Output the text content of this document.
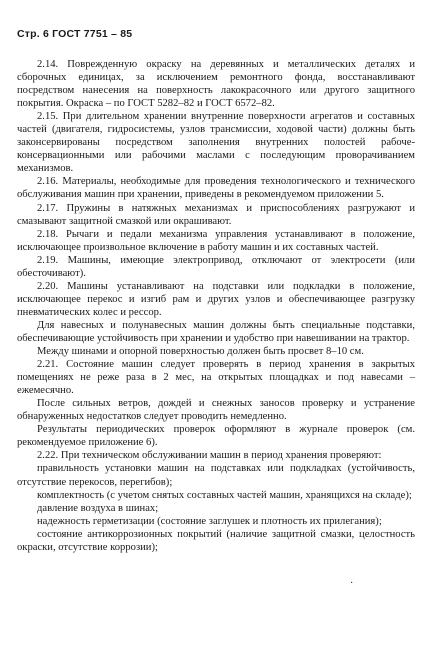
Стр. 6 ГОСТ 7751 – 85

2.14. Поврежденную окраску на деревянных и металлических деталях и сборочных единицах, за исключением ремонтного фонда, восстанавливают посредством нанесения на поверхность лакокрасочного или другого защитного покрытия. Окраска – по ГОСТ 5282–82 и ГОСТ 6572–82.

2.15. При длительном хранении внутренние поверхности агрегатов и составных частей (двигателя, гидросистемы, узлов трансмиссии, ходовой части) должны быть законсервированы посредством заполнения внутренних полостей рабоче-консервационными или рабочими маслами с последующим проворачиванием механизмов.

2.16. Материалы, необходимые для проведения технологического и технического обслуживания машин при хранении, приведены в рекомендуемом приложении 5.

2.17. Пружины в натяжных механизмах и приспособлениях разгружают и смазывают защитной смазкой или окрашивают.

2.18. Рычаги и педали механизма управления устанавливают в положение, исключающее произвольное включение в работу машин и их составных частей.

2.19. Машины, имеющие электропривод, отключают от электросети (или обесточивают).

2.20. Машины устанавливают на подставки или подкладки в положение, исключающее перекос и изгиб рам и других узлов и обеспечивающее разгрузку пневматических колес и рессор.

Для навесных и полунавесных машин должны быть специальные подставки, обеспечивающие устойчивость при хранении и удобство при навешивании на трактор.

Между шинами и опорной поверхностью должен быть просвет 8–10 см.

2.21. Состояние машин следует проверять в период хранения в закрытых помещениях не реже раза в 2 мес, на открытых площадках и под навесами – ежемесячно.

После сильных ветров, дождей и снежных заносов проверку и устранение обнаруженных недостатков следует проводить немедленно.

Результаты периодических проверок оформляют в журнале проверок (см. рекомендуемое приложение 6).

2.22. При техническом обслуживании машин в период хранения проверяют:

правильность установки машин на подставках или подкладках (устойчивость, отсутствие перекосов, перегибов);

комплектность (с учетом снятых составных частей машин, хранящихся на складе);

давление воздуха в шинах;

надежность герметизации (состояние заглушек и плотность их прилегания);

состояние антикоррозионных покрытий (наличие защитной смазки, целостность окраски, отсутствие коррозии);

·
